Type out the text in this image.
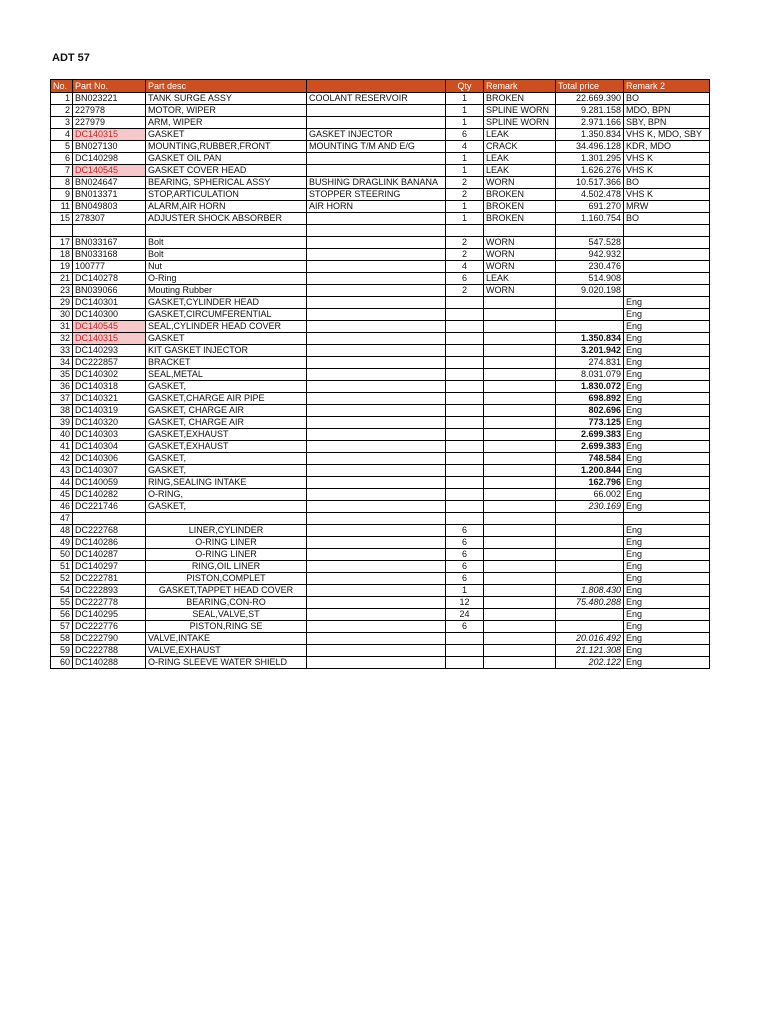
ADT 57
No.	Part No.	Part desc		Qty	Remark	Total price	Remark 2
1	BN023221	TANK SURGE ASSY	COOLANT RESERVOIR	1	BROKEN	22.669.390	BO
2	227978	MOTOR, WIPER		1	SPLINE WORN	9.281.158	MDO, BPN
3	227979	ARM, WIPER		1	SPLINE WORN	2.971.166	SBY, BPN
4	DC140315	GASKET	GASKET INJECTOR	6	LEAK	1.350.834	VHS K, MDO, SBY
5	BN027130	MOUNTING,RUBBER,FRONT	MOUNTING T/M AND E/G	4	CRACK	34.496.128	KDR, MDO
6	DC140298	GASKET OIL PAN		1	LEAK	1.301.295	VHS K
7	DC140545	GASKET COVER HEAD		1	LEAK	1.626.276	VHS K
8	BN024647	BEARING, SPHERICAL ASSY	BUSHING DRAGLINK BANANA	2	WORN	10.517.366	BO
9	BN013371	STOP,ARTICULATION	STOPPER STEERING	2	BROKEN	4.502.478	VHS K
11	BN049803	ALARM,AIR HORN	AIR HORN	1	BROKEN	691.270	MRW
15	278307	ADJUSTER SHOCK ABSORBER		1	BROKEN	1.160.754	BO

17	BN033167	Bolt		2	WORN	547.528	
18	BN033168	Bolt		2	WORN	942.932	
19	100777	Nut		4	WORN	230.476	
21	DC140278	O-Ring		6	LEAK	514.908	
23	BN039066	Mouting Rubber		2	WORN	9.020.198	
29	DC140301	GASKET,CYLINDER HEAD					Eng
30	DC140300	GASKET,CIRCUMFERENTIAL					Eng
31	DC140545	SEAL,CYLINDER HEAD COVER					Eng
32	DC140315	GASKET				1.350.834	Eng
33	DC140293	KIT GASKET INJECTOR				3.201.942	Eng
34	DC222857	BRACKET				274.831	Eng
35	DC140302	SEAL,METAL				8.031.079	Eng
36	DC140318	GASKET,				1.830.072	Eng
37	DC140321	GASKET,CHARGE AIR PIPE				698.892	Eng
38	DC140319	GASKET, CHARGE AIR				802.696	Eng
39	DC140320	GASKET, CHARGE AIR				773.125	Eng
40	DC140303	GASKET,EXHAUST				2.699.383	Eng
41	DC140304	GASKET,EXHAUST				2.699.383	Eng
42	DC140306	GASKET,				748.584	Eng
43	DC140307	GASKET,				1.200.844	Eng
44	DC140059	RING,SEALING INTAKE				162.796	Eng
45	DC140282	O-RING,				66.002	Eng
46	DC221746	GASKET,				230.169	Eng
47							
48	DC222768	LINER,CYLINDER		6			Eng
49	DC140286	O-RING LINER		6			Eng
50	DC140287	O-RING LINER		6			Eng
51	DC140297	RING,OIL LINER		6			Eng
52	DC222781	PISTON,COMPLET		6			Eng
54	DC222893	GASKET,TAPPET HEAD COVER		1		1.808.430	Eng
55	DC222778	BEARING,CON-RO		12		75.480.288	Eng
56	DC140295	SEAL,VALVE,ST		24			Eng
57	DC222776	PISTON,RING SE		6			Eng
58	DC222790	VALVE,INTAKE				20.016.492	Eng
59	DC222788	VALVE,EXHAUST				21.121.308	Eng
60	DC140288	O-RING SLEEVE WATER SHIELD				202.122	Eng
